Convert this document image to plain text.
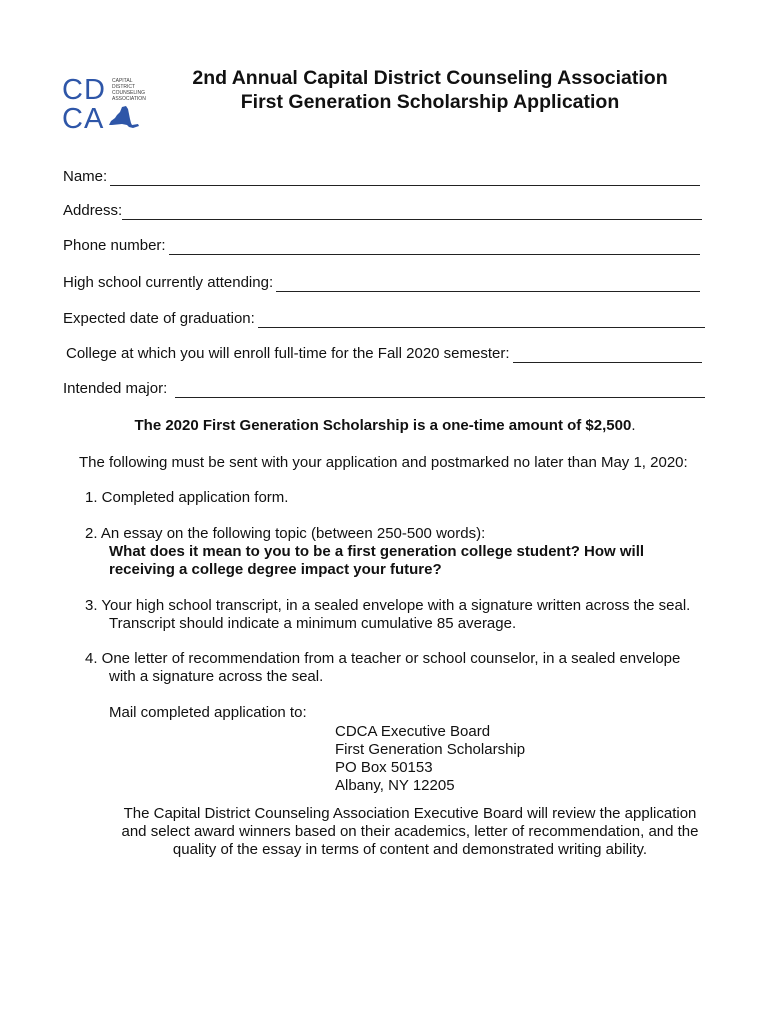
CD
CA
CAPITAL
DISTRICT
COUNSELING
ASSOCIATION
2nd Annual Capital District Counseling Association
First Generation Scholarship Application
Name:
Address:
Phone number:
High school currently attending:
Expected date of graduation:
College at which you will enroll full-time for the Fall 2020 semester:
Intended major:
The 2020 First Generation Scholarship is a one-time amount of $2,500.
The following must be sent with your application and postmarked no later than May 1, 2020:
1. Completed application form.
2. An essay on the following topic (between 250-500 words):
What does it mean to you to be a first generation college student? How will
receiving a college degree impact your future?
3. Your high school transcript, in a sealed envelope with a signature written across the seal.
Transcript should indicate a minimum cumulative 85 average.
4. One letter of recommendation from a teacher or school counselor, in a sealed envelope
with a signature across the seal.
Mail completed application to:
CDCA Executive Board
First Generation Scholarship
PO Box 50153
Albany, NY 12205
The Capital District Counseling Association Executive Board will review the application
and select award winners based on their academics, letter of recommendation, and the
quality of the essay in terms of content and demonstrated writing ability.
